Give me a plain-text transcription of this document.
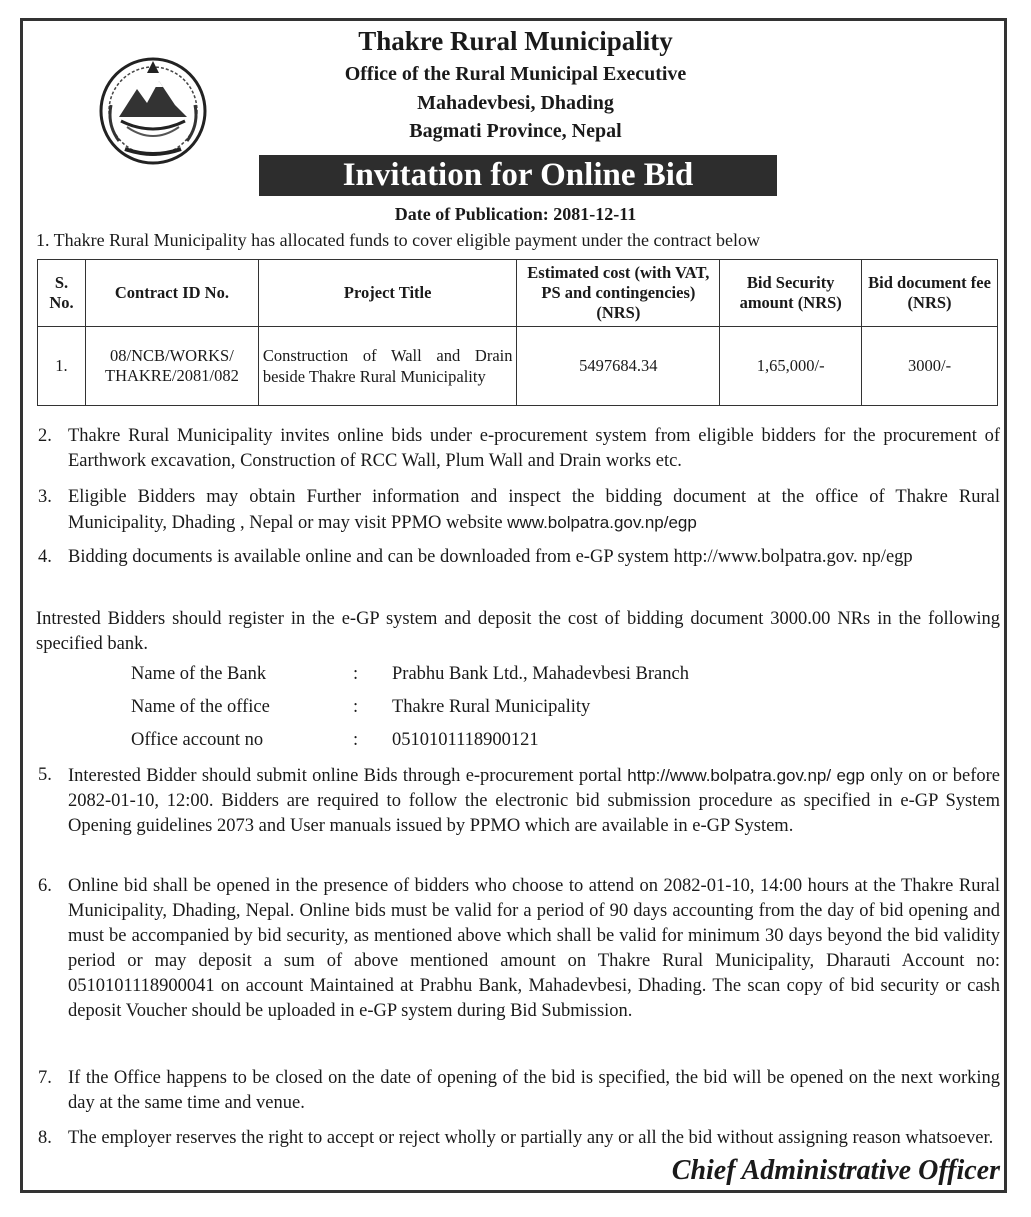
Thakre Rural Municipality
Office of the Rural Municipal Executive
Mahadevbesi, Dhading
Bagmati Province, Nepal
Invitation for Online Bid
Date of Publication: 2081-12-11
1. Thakre Rural Municipality has allocated funds to cover eligible payment under the contract below
S. No.	Contract ID No.	Project Title	Estimated cost (with VAT, PS and contingencies) (NRS)	Bid Security amount (NRS)	Bid document fee (NRS)
1.	08/NCB/WORKS/ THAKRE/2081/082	Construction of Wall and Drain beside Thakre Rural Municipality	5497684.34	1,65,000/-	3000/-
2. Thakre Rural Municipality invites online bids under e-procurement system from eligible bidders for the procurement of Earthwork excavation, Construction of RCC Wall, Plum Wall and Drain works etc.
3. Eligible Bidders may obtain Further information and inspect the bidding document at the office of Thakre Rural Municipality, Dhading , Nepal or may visit PPMO website www.bolpatra.gov.np/egp
4. Bidding documents is available online and can be downloaded from e-GP system http://www.bolpatra.gov. np/egp
Intrested Bidders should register in the e-GP system and deposit the cost of bidding document 3000.00 NRs in the following specified bank.
Name of the Bank	: Prabhu Bank Ltd., Mahadevbesi Branch
Name of the office	: Thakre Rural Municipality
Office account no	: 0510101118900121
5. Interested Bidder should submit online Bids through e-procurement portal http://www.bolpatra.gov.np/ egp only on or before 2082-01-10, 12:00. Bidders are required to follow the electronic bid submission procedure as specified in e-GP System Opening guidelines 2073 and User manuals issued by PPMO which are available in e-GP System.
6. Online bid shall be opened in the presence of bidders who choose to attend on 2082-01-10, 14:00 hours at the Thakre Rural Municipality, Dhading, Nepal. Online bids must be valid for a period of 90 days accounting from the day of bid opening and must be accompanied by bid security, as mentioned above which shall be valid for minimum 30 days beyond the bid validity period or may deposit a sum of above mentioned amount on Thakre Rural Municipality, Dharauti Account no: 0510101118900041 on account Maintained at Prabhu Bank, Mahadevbesi, Dhading. The scan copy of bid security or cash deposit Voucher should be uploaded in e-GP system during Bid Submission.
7. If the Office happens to be closed on the date of opening of the bid is specified, the bid will be opened on the next working day at the same time and venue.
8. The employer reserves the right to accept or reject wholly or partially any or all the bid without assigning reason whatsoever.
Chief Administrative Officer
